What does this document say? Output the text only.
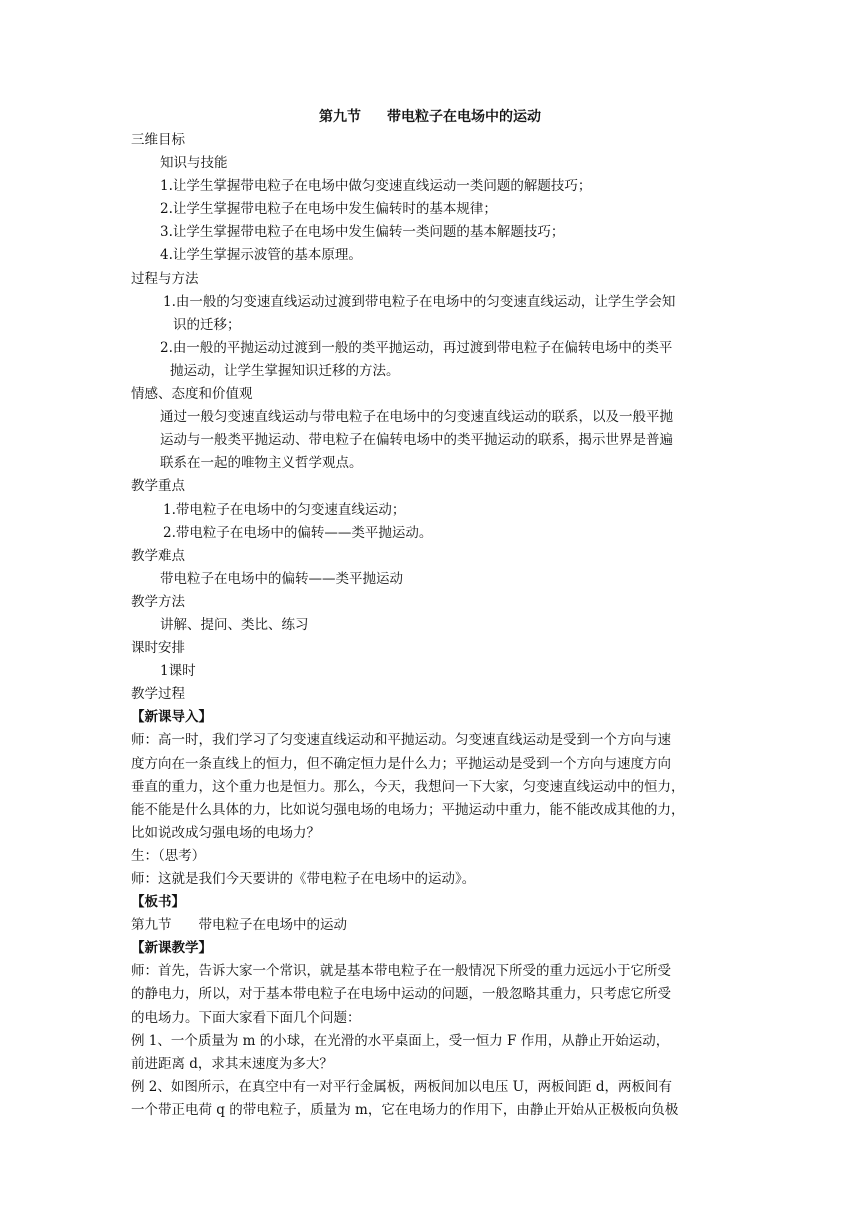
第九节 带电粒子在电场中的运动
三维目标
知识与技能
1.让学生掌握带电粒子在电场中做匀变速直线运动一类问题的解题技巧；
2.让学生掌握带电粒子在电场中发生偏转时的基本规律；
3.让学生掌握带电粒子在电场中发生偏转一类问题的基本解题技巧；
4.让学生掌握示波管的基本原理。
过程与方法
1.由一般的匀变速直线运动过渡到带电粒子在电场中的匀变速直线运动，让学生学会知
识的迁移；
2.由一般的平抛运动过渡到一般的类平抛运动，再过渡到带电粒子在偏转电场中的类平
抛运动，让学生掌握知识迁移的方法。
情感、态度和价值观
通过一般匀变速直线运动与带电粒子在电场中的匀变速直线运动的联系，以及一般平抛
运动与一般类平抛运动、带电粒子在偏转电场中的类平抛运动的联系，揭示世界是普遍
联系在一起的唯物主义哲学观点。
教学重点
1.带电粒子在电场中的匀变速直线运动；
2.带电粒子在电场中的偏转——类平抛运动。
教学难点
带电粒子在电场中的偏转——类平抛运动
教学方法
讲解、提问、类比、练习
课时安排
1课时
教学过程
【新课导入】
师：高一时，我们学习了匀变速直线运动和平抛运动。匀变速直线运动是受到一个方向与速
度方向在一条直线上的恒力，但不确定恒力是什么力；平抛运动是受到一个方向与速度方向
垂直的重力，这个重力也是恒力。那么，今天，我想问一下大家，匀变速直线运动中的恒力，
能不能是什么具体的力，比如说匀强电场的电场力；平抛运动中重力，能不能改成其他的力，
比如说改成匀强电场的电场力？
生：（思考）
师：这就是我们今天要讲的《带电粒子在电场中的运动》。
【板书】
第九节　　带电粒子在电场中的运动
【新课教学】
师：首先，告诉大家一个常识，就是基本带电粒子在一般情况下所受的重力远远小于它所受
的静电力，所以，对于基本带电粒子在电场中运动的问题，一般忽略其重力，只考虑它所受
的电场力。下面大家看下面几个问题：
例 1、一个质量为 m 的小球，在光滑的水平桌面上，受一恒力 F 作用，从静止开始运动，
前进距离 d，求其末速度为多大？
例 2、如图所示，在真空中有一对平行金属板，两板间加以电压 U，两板间距 d，两板间有
一个带正电荷 q 的带电粒子，质量为 m，它在电场力的作用下，由静止开始从正极板向负极
